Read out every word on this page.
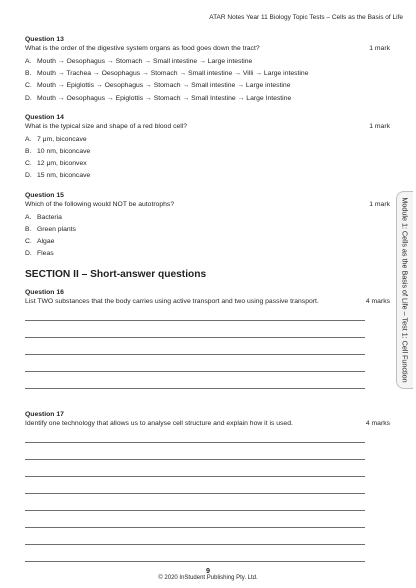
ATAR Notes Year 11 Biology Topic Tests – Cells as the Basis of Life
Question 13
What is the order of the digestive system organs as food goes down the tract?	1 mark
A. Mouth → Oesophagus → Stomach → Small intestine → Large intestine
B. Mouth → Trachea → Oesophagus → Stomach → Small intestine → Villi → Large intestine
C. Mouth → Epiglottis → Oesophagus → Stomach → Small intestine → Large intestine
D. Mouth → Oesophagus → Epiglottis → Stomach → Small Intestine → Large Intestine
Question 14
What is the typical size and shape of a red blood cell?	1 mark
A. 7 μm, biconcave
B. 10 nm, biconcave
C. 12 μm, biconvex
D. 15 nm, biconcave
Question 15
Which of the following would NOT be autotrophs?	1 mark
A. Bacteria
B. Green plants
C. Algae
D. Fleas
SECTION II – Short-answer questions
Question 16
List TWO substances that the body carries using active transport and two using passive transport.	4 marks
Question 17
Identify one technology that allows us to analyse cell structure and explain how it is used.	4 marks
Module 1: Cells as the Basis of Life – Test 1: Cell Function
9
© 2020 InStudent Publishing Pty. Ltd.
